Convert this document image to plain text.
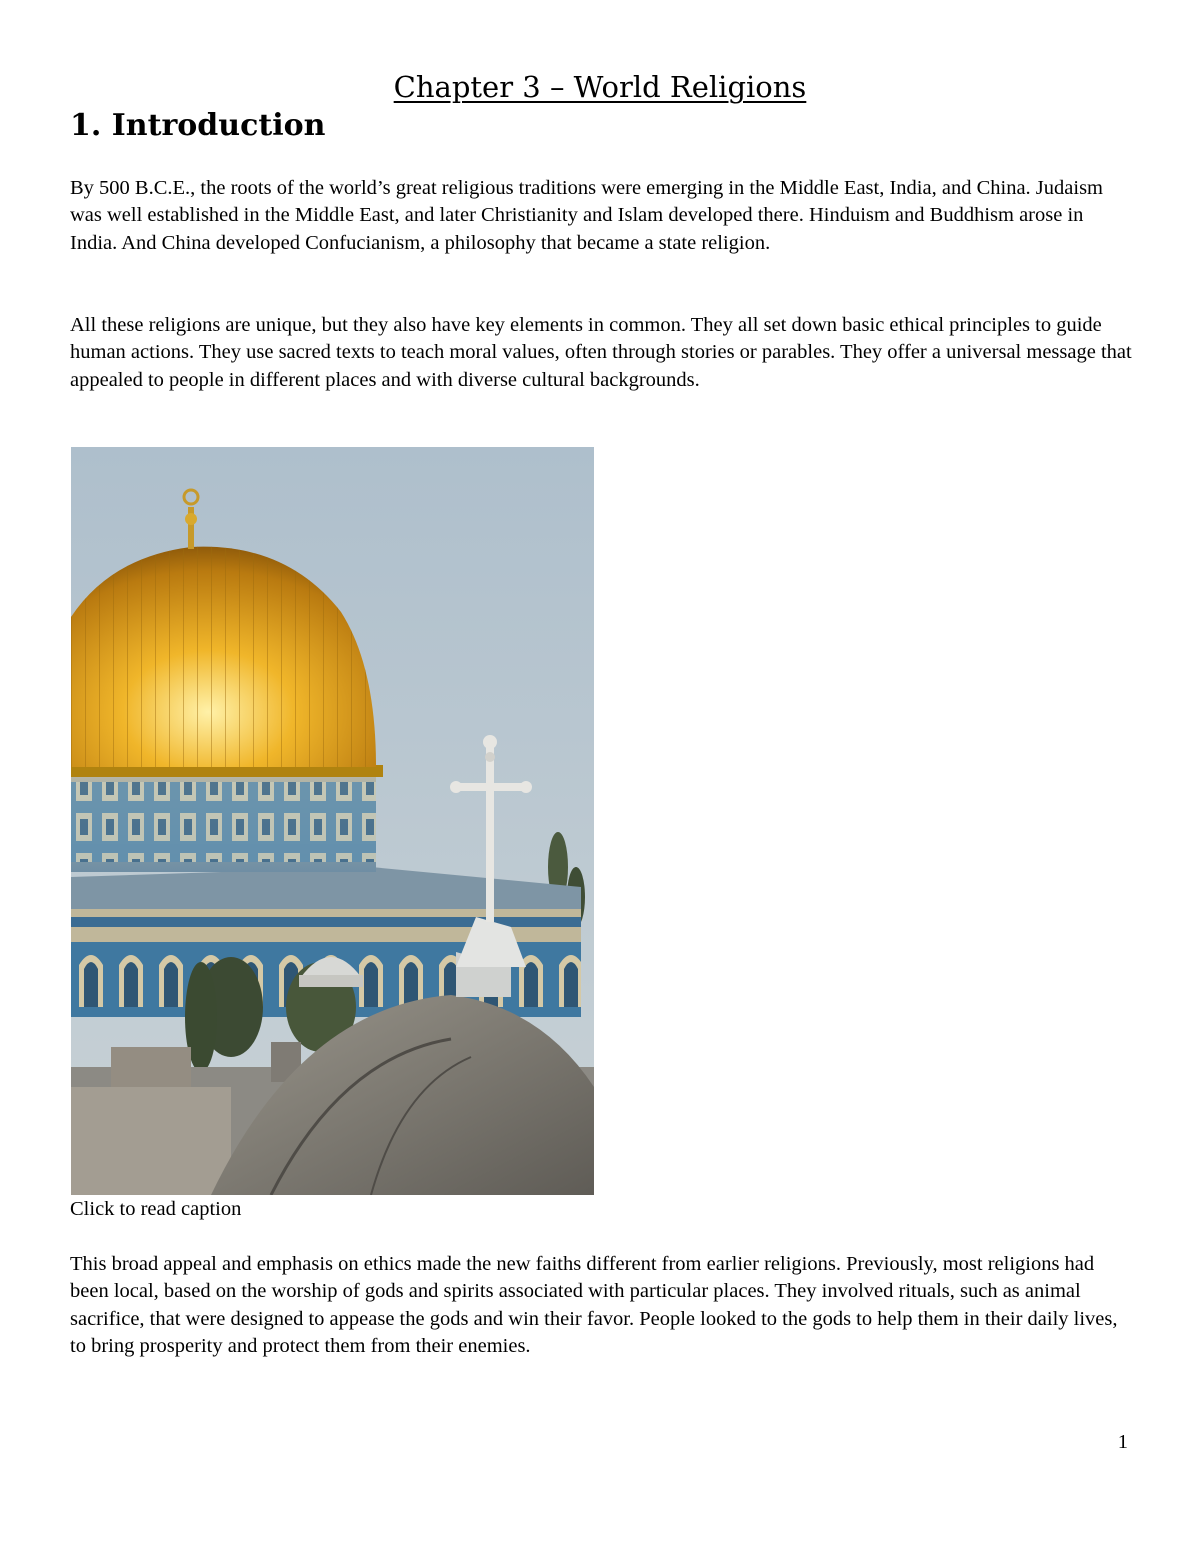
Chapter 3 – World Religions
1. Introduction

By 500 B.C.E., the roots of the world’s great religious traditions were emerging in the Middle East, India, and China. Judaism was well established in the Middle East, and later Christianity and Islam developed there. Hinduism and Buddhism arose in India. And China developed Confucianism, a philosophy that became a state religion.

All these religions are unique, but they also have key elements in common. They all set down basic ethical principles to guide human actions. They use sacred texts to teach moral values, often through stories or parables. They offer a universal message that appealed to people in different places and with diverse cultural backgrounds.

Click to read caption

This broad appeal and emphasis on ethics made the new faiths different from earlier religions. Previously, most religions had been local, based on the worship of gods and spirits associated with particular places. They involved rituals, such as animal sacrifice, that were designed to appease the gods and win their favor. People looked to the gods to help them in their daily lives, to bring prosperity and protect them from their enemies.

1
